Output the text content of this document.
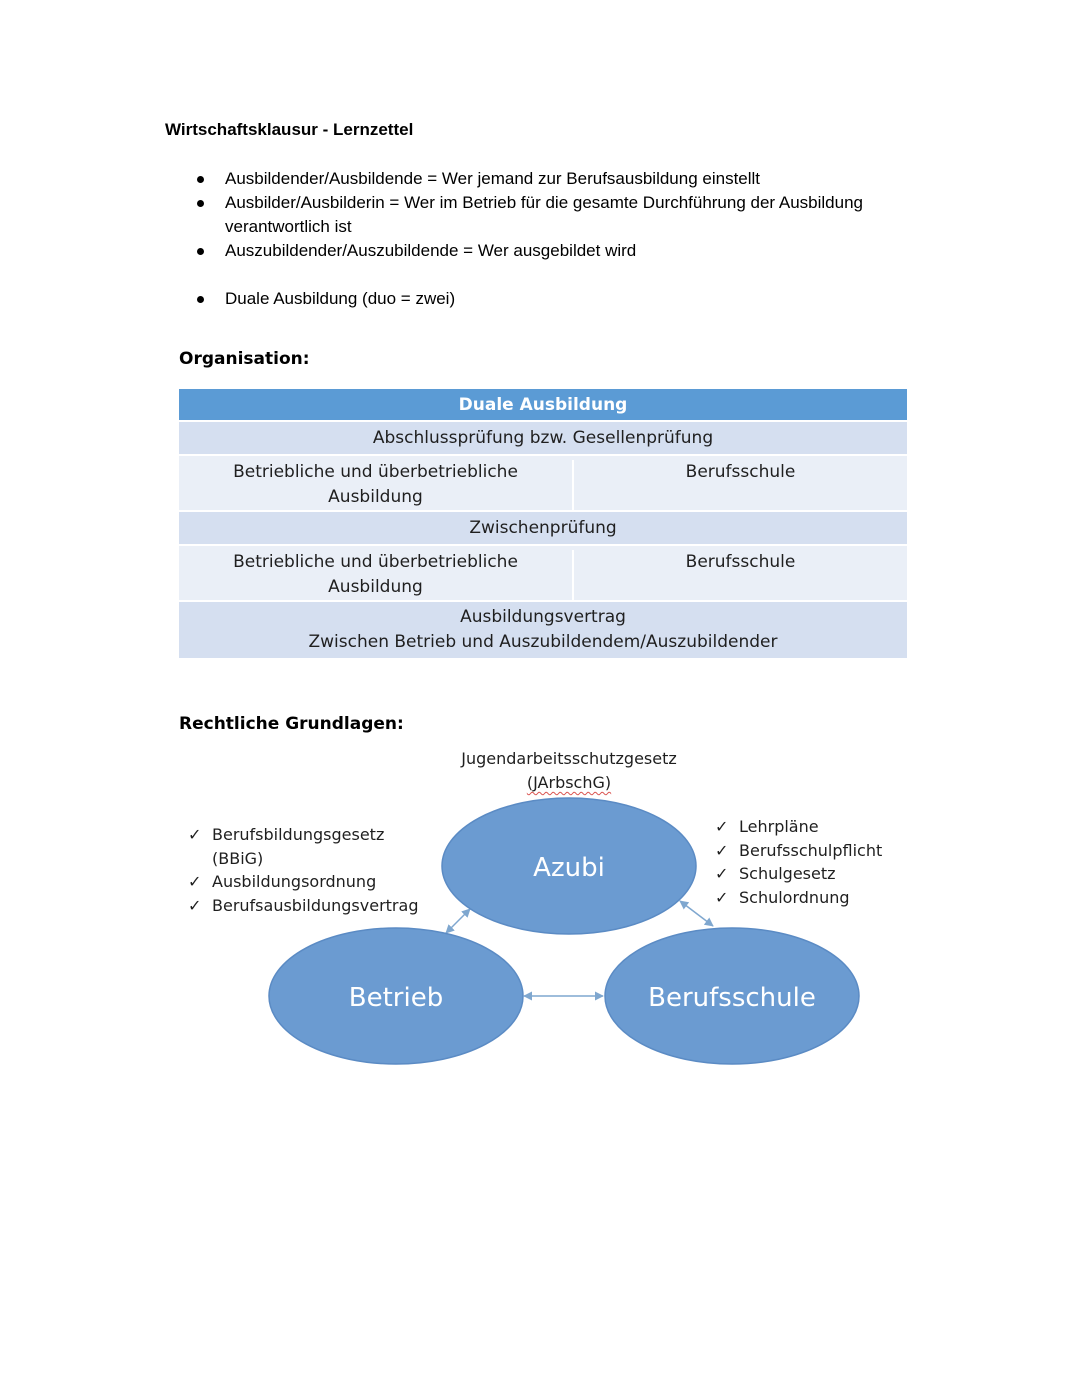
Wirtschaftsklausur - Lernzettel
Ausbildender/Ausbildende = Wer jemand zur Berufsausbildung einstellt
Ausbilder/Ausbilderin = Wer im Betrieb für die gesamte Durchführung der Ausbildung verantwortlich ist
Auszubildender/Auszubildende = Wer ausgebildet wird
Duale Ausbildung (duo = zwei)
Organisation:
Duale Ausbildung
Abschlussprüfung bzw. Gesellenprüfung
Betriebliche und überbetriebliche Ausbildung
Berufsschule
Zwischenprüfung
Betriebliche und überbetriebliche Ausbildung
Berufsschule
Ausbildungsvertrag
Zwischen Betrieb und Auszubildendem/Auszubildender
Rechtliche Grundlagen:
Jugendarbeitsschutzgesetz
(JArbschG)
✓ Berufsbildungsgesetz
(BBiG)
✓ Ausbildungsordnung
✓ Berufsausbildungsvertrag
✓ Lehrpläne
✓ Berufsschulpflicht
✓ Schulgesetz
✓ Schulordnung
Azubi
Betrieb	Berufsschule
